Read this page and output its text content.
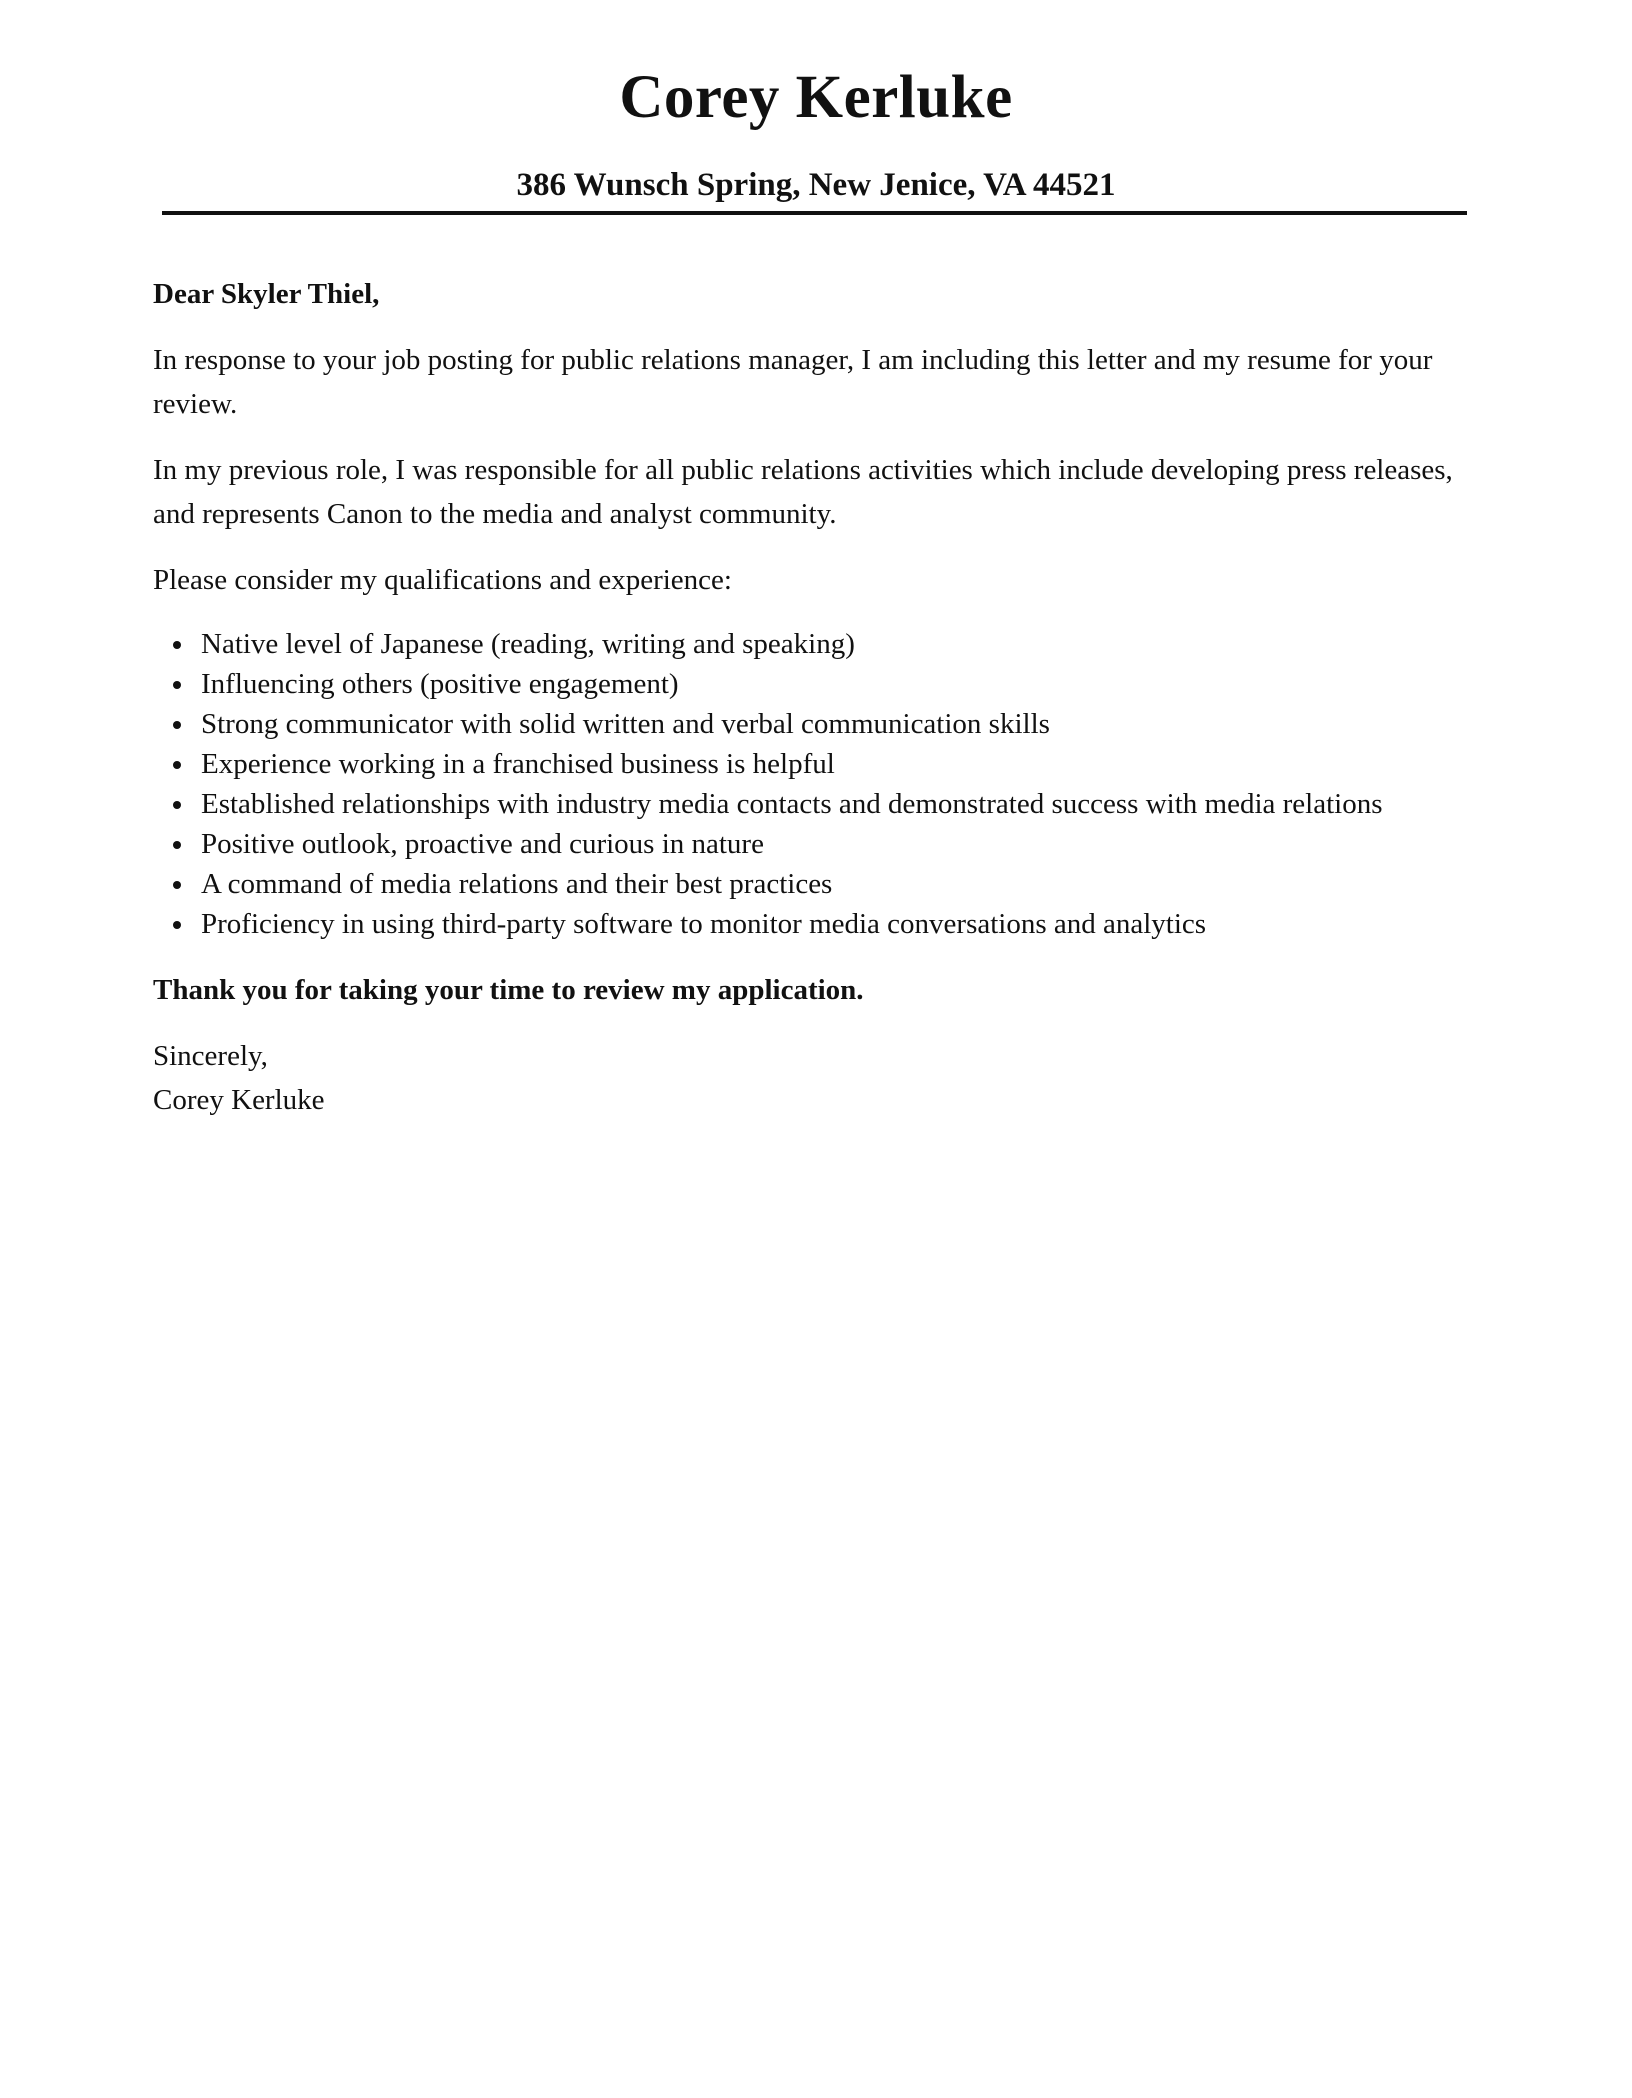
Corey Kerluke
386 Wunsch Spring, New Jenice, VA 44521

Dear Skyler Thiel,

In response to your job posting for public relations manager, I am including this letter and my resume for your review.

In my previous role, I was responsible for all public relations activities which include developing press releases, and represents Canon to the media and analyst community.

Please consider my qualifications and experience:

Native level of Japanese (reading, writing and speaking)
Influencing others (positive engagement)
Strong communicator with solid written and verbal communication skills
Experience working in a franchised business is helpful
Established relationships with industry media contacts and demonstrated success with media relations
Positive outlook, proactive and curious in nature
A command of media relations and their best practices
Proficiency in using third-party software to monitor media conversations and analytics

Thank you for taking your time to review my application.

Sincerely,

Corey Kerluke
